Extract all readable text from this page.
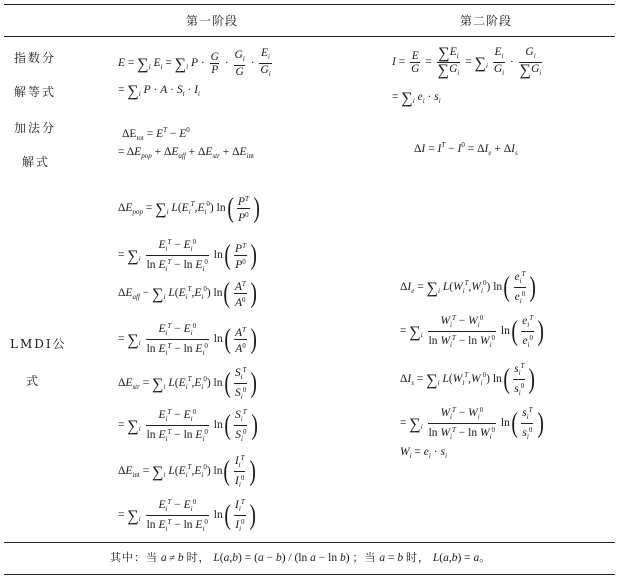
第一阶段	第二阶段
指数分
解等式
加法分
解式
LMDI公
式
$E = \sum_i$ $E_i = \sum_i$ $P \cdot \frac{G}{P} \cdot \frac{G_i}{G} \cdot \frac{E_i}{G_i}$
= $\sum_i$ $P \cdot A \cdot S_i \cdot I_i$
$\Delta E_{tot} = E^T - E^0$
= $\Delta E_{pop} + \Delta E_{aff} + \Delta E_{str} + \Delta E_{int}$
$\Delta E_{pop} = \sum_i$ $L(E_i^T,E_i^0)$ ln ( $P^T$
$P^0$ )
= $\sum_i$
$E_i^T - E_i^0$
$\ln E_i^T - \ln E_i^0$
ln ( $P^T$
$P^0$ )
$\Delta E_{aff} - \sum_i$ $L(E_i^T,E_i^0)$ ln ( $A^T$
$A^0$ )
= $\sum_i$
$E_i^T - E_i^0$
$\ln E_i^T - \ln E_i^0$
ln ( $A^T$
$A^0$ )
$\Delta E_{str} = \sum_i$ $L(E_i^T,E_i^0)$ ln ( $S_i^T$
$S_i^0$ )
= $\sum_i$
$E_i^T - E_i^0$
$\ln E_i^T - \ln E_i^0$
ln ( $S_i^T$
$S_i^0$ )
$\Delta E_{int} = \sum_i$ $L(E_i^T,E_i^0)$ ln ( $I_i^T$
$I_i^0$ )
= $\sum_i$
$E_i^T - E_i^0$
$\ln E_i^T - \ln E_i^0$
ln ( $I_i^T$
$I_i^0$ )
$I = \frac{E}{G} = \frac{\sum E_i}{\sum G_i} = \sum_i \frac{E_i}{G_i} \cdot \frac{G_i}{\sum G_i}$
= $\sum_i$ $e_i \cdot s_i$
$\Delta I = I^T - I^0 = \Delta I_e + \Delta I_s$
$\Delta I_e = \sum_i$ $L(W_i^T,W_i^0)$ ln ( $e_i^T$
$e_i^0$ )
= $\sum_i$
$W_i^T - W_i^0$
$\ln W_i^T - \ln W_i^0$
ln ( $e_i^T$
$e_i^0$ )
$\Delta I_s = \sum_i$ $L(W_i^T,W_i^0)$ ln ( $s_i^T$
$s_i^0$ )
= $\sum_i$
$W_i^T - W_i^0$
$\ln W_i^T - \ln W_i^0$
ln ( $s_i^T$
$s_i^0$ )
$W_i = e_i \cdot s_i$
其中：当 a ≠ b 时， L(a,b) = (a − b) / (ln a − ln b) ；当 a = b 时， L(a,b) = a。
